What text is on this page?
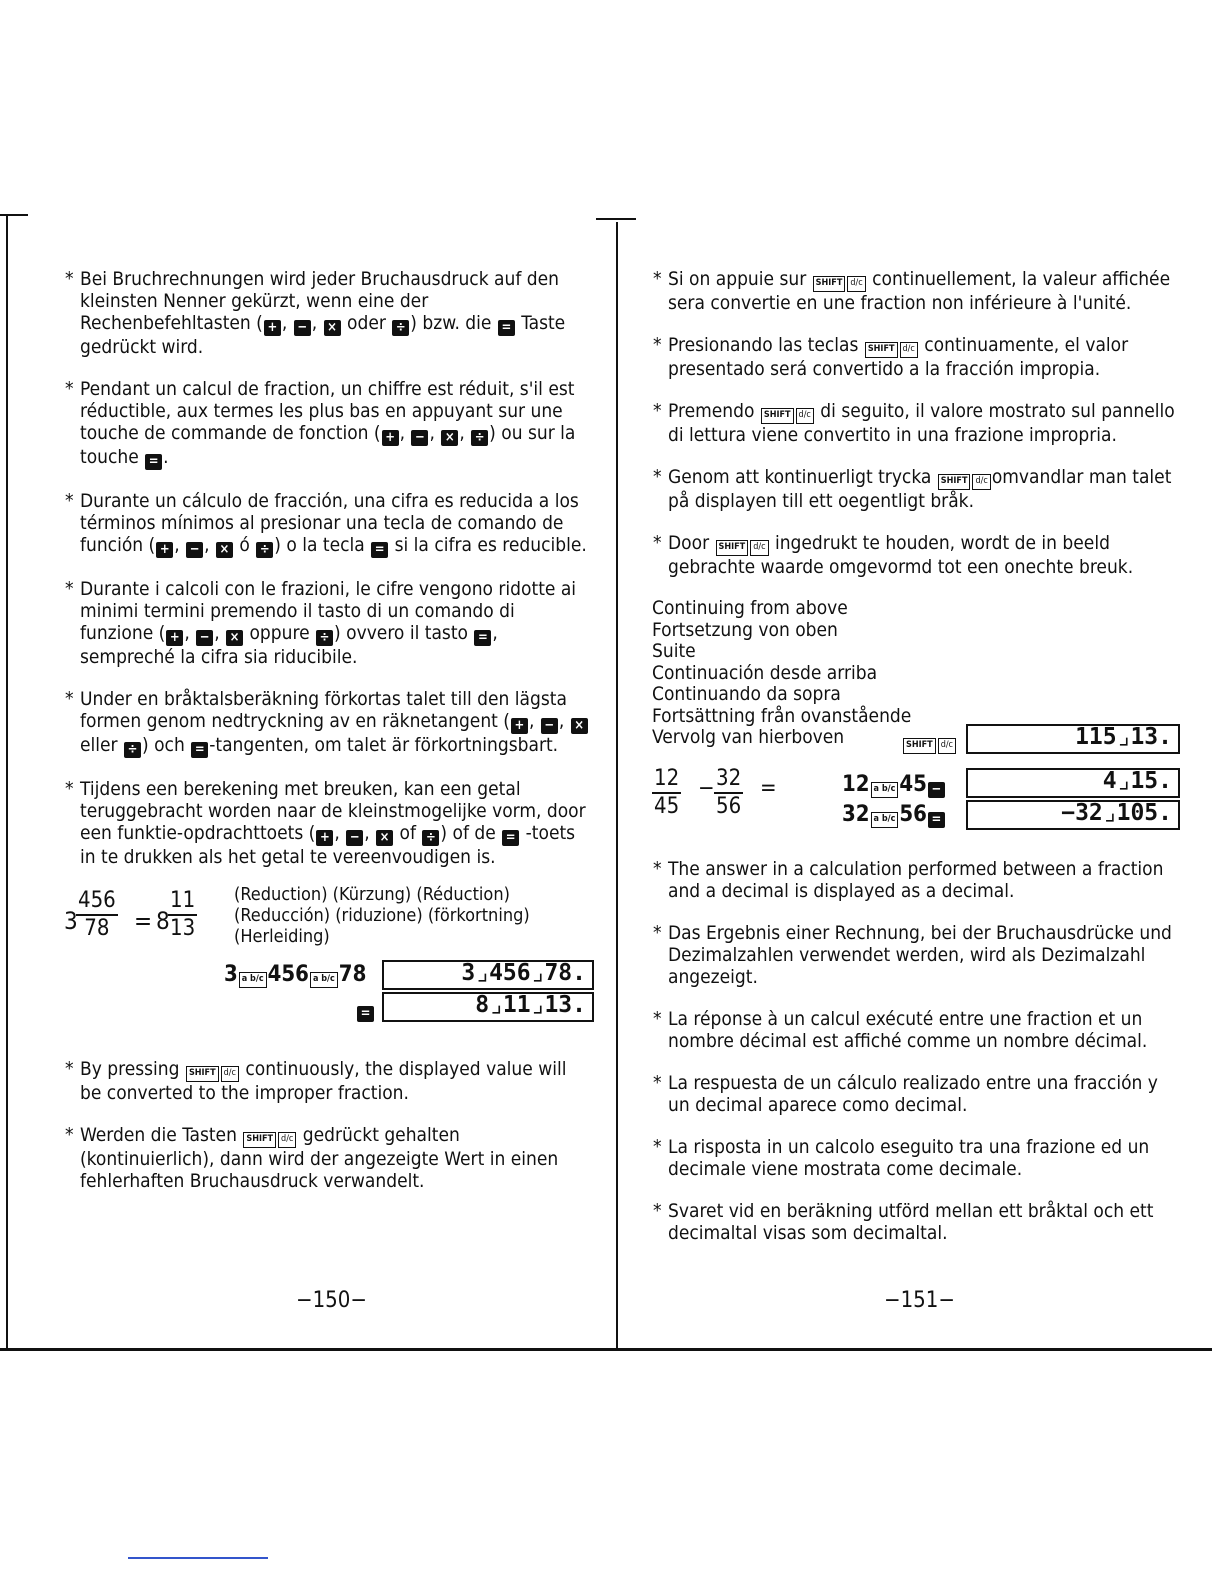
* Bei Bruchrechnungen wird jeder Bruchausdruck auf den kleinsten Nenner gekürzt, wenn eine der Rechenbefehltasten ( + , − , × oder ÷ ) bzw. die = Taste gedrückt wird.
* Pendant un calcul de fraction, un chiffre est réduit, s'il est réductible, aux termes les plus bas en appuyant sur une touche de commande de fonction ( + , − , × , ÷ ) ou sur la touche = .
* Durante un cálculo de fracción, una cifra es reducida a los términos mínimos al presionar una tecla de comando de función ( + , − , × ó ÷ ) o la tecla = si la cifra es reducible.
* Durante i calcoli con le frazioni, le cifre vengono ridotte ai minimi termini premendo il tasto di un comando di funzione ( + , − , × oppure ÷ ) ovvero il tasto = , sempreché la cifra sia riducibile.
* Under en bråktalsberäkning förkortas talet till den lägsta formen genom nedtryckning av en räknetangent ( + , − , × eller ÷ ) och = -tangenten, om talet är förkortningsbart.
* Tijdens een berekening met breuken, kan een getal teruggebracht worden naar de kleinstmogelijke vorm, door een funktie-opdrachttoets ( + , − , × of ÷ ) of de = -toets in te drukken als het getal te vereenvoudigen is.
3
$\frac{456}{78} = 8$
$\frac{11}{13}$ (Reduction) (Kürzung) (Réduction)
(Reducción) (riduzione) (förkortning)
(Herleiding)
3 a b/c 456 a b/c 78	3⌟456⌟78.
=	8⌟11⌟13.
* By pressing SHIFT d/c continuously, the displayed value will be converted to the improper fraction.
* Werden die Tasten SHIFT d/c gedrückt gehalten (kontinuierlich), dann wird der angezeigte Wert in einen fehlerhaften Bruchausdruck verwandelt.
−150−
* Si on appuie sur SHIFT d/c continuellement, la valeur affichée sera convertie en une fraction non inférieure à l'unité.
* Presionando las teclas SHIFT d/c continuamente, el valor presentado será convertido a la fracción impropia.
* Premendo SHIFT d/c di seguito, il valore mostrato sul pannello di lettura viene convertito in una frazione impropria.
* Genom att kontinuerligt trycka SHIFT d/c omvandlar man talet på displayen till ett oegentligt bråk.
* Door SHIFT d/c ingedrukt te houden, wordt de in beeld gebrachte waarde omgevormd tot een onechte breuk.
Continuing from above
Fortsetzung von oben
Suite
Continuación desde arriba
Continuando da sopra
Fortsättning från ovanstående
Vervolg van hierboven	SHIFT d/c	115⌟13.
$\frac{12}{45} - \frac{32}{56}$ =	12 a b/c 45 −	4⌟15.
32 a b/c 56 =	−32⌟105.
* The answer in a calculation performed between a fraction and a decimal is displayed as a decimal.
* Das Ergebnis einer Rechnung, bei der Bruchausdrücke und Dezimalzahlen verwendet werden, wird als Dezimalzahl angezeigt.
* La réponse à un calcul exécuté entre une fraction et un nombre décimal est affiché comme un nombre décimal.
* La respuesta de un cálculo realizado entre una fracción y un decimal aparece como decimal.
* La risposta in un calcolo eseguito tra una frazione ed un decimale viene mostrata come decimale.
* Svaret vid en beräkning utförd mellan ett bråktal och ett decimaltal visas som decimaltal.
−151−
